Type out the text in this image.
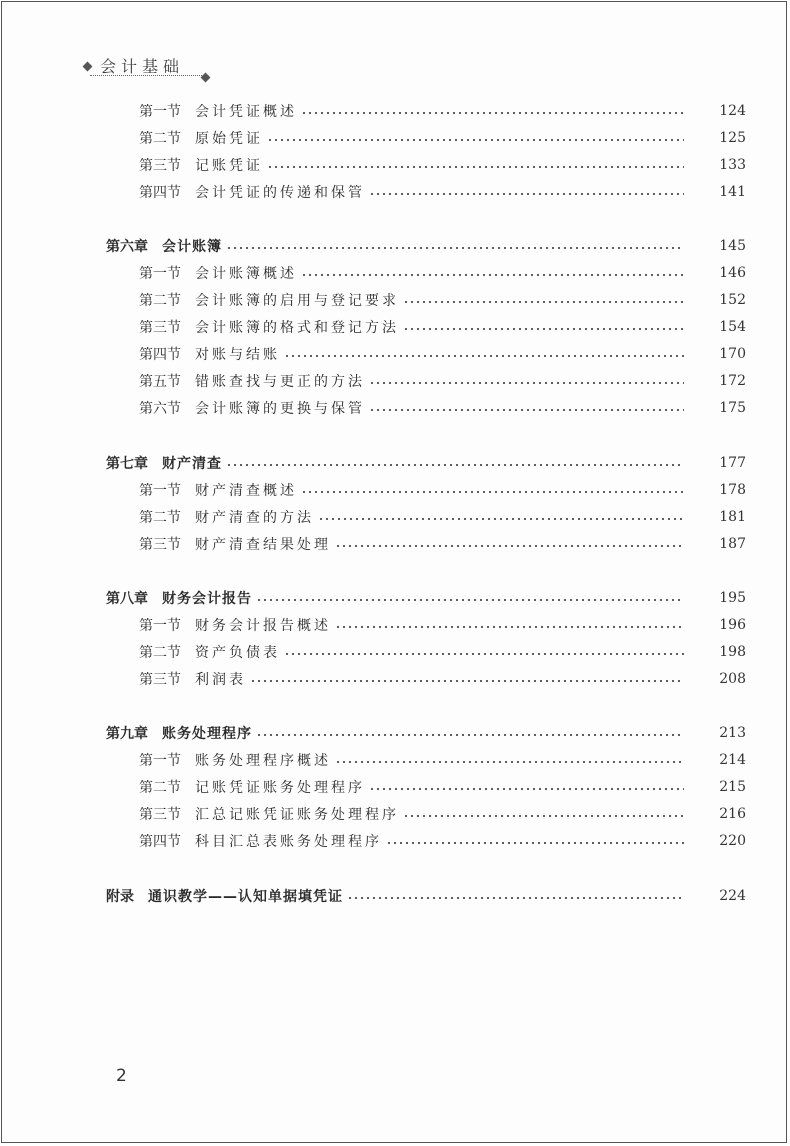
会计基础
第一节 会计凭证概述	124
第二节 原始凭证	125
第三节 记账凭证	133
第四节 会计凭证的传递和保管	141
第六章 会计账簿	145
第一节 会计账簿概述	146
第二节 会计账簿的启用与登记要求	152
第三节 会计账簿的格式和登记方法	154
第四节 对账与结账	170
第五节 错账查找与更正的方法	172
第六节 会计账簿的更换与保管	175
第七章 财产清查	177
第一节 财产清查概述	178
第二节 财产清查的方法	181
第三节 财产清查结果处理	187
第八章 财务会计报告	195
第一节 财务会计报告概述	196
第二节 资产负债表	198
第三节 利润表	208
第九章 账务处理程序	213
第一节 账务处理程序概述	214
第二节 记账凭证账务处理程序	215
第三节 汇总记账凭证账务处理程序	216
第四节 科目汇总表账务处理程序	220
附录 通识教学——认知单据填凭证	224
2
